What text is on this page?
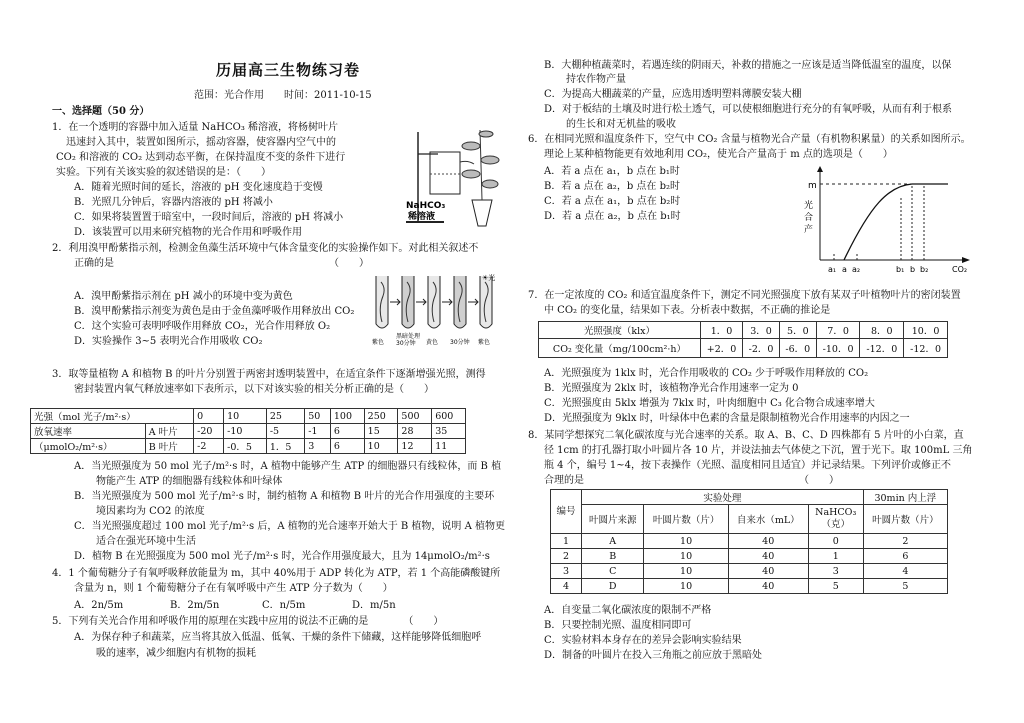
历届高三生物练习卷
范围：光合作用　　时间：2011-10-15
一、选择题（50 分）
1．在一个透明的容器中加入适量 NaHCO₃ 稀溶液，将杨树叶片
迅速封入其中，装置如图所示，摇动容器，使容器内空气中的
CO₂ 和溶液的 CO₂ 达到动态平衡，在保持温度不变的条件下进行
实验。下列有关该实验的叙述错误的是：（　　）
A．随着光照时间的延长，溶液的 pH 变化速度趋于变慢
B．光照几分钟后，容器内溶液的 pH 将减小
C．如果将装置置于暗室中，一段时间后，溶液的 pH 将减小
D．该装置可以用来研究植物的光合作用和呼吸作用
NaHCO₃ 稀溶液
2．利用溴甲酚紫指示剂，检测金鱼藻生活环境中气体含量变化的实验操作如下。对此相关叙述不
正确的是　　　　　　　　　　　　　　　　　　　　　　（　　）
A．溴甲酚紫指示剂在 pH 减小的环境中变为黄色
B．溴甲酚紫指示剂变为黄色是由于金鱼藻呼吸作用释放出 CO₂
C．这个实验可表明呼吸作用释放 CO₂，光合作用释放 O₂
D．实验操作 3~5 表明光合作用吸收 CO₂	紫色
黑暗处理 30分钟	黄色 30分钟 紫色
☀光
3．取等量植物 A 和植物 B 的叶片分别置于两密封透明装置中，在适宜条件下逐渐增强光照，测得
密封装置内氧气释放速率如下表所示，以下对该实验的相关分析正确的是（　　）
光强（mol 光子/m²·s）		0	10	25	50	100	250	500	600
放氧速率	A 叶片	-20	-10	-5	-1	6	15	28	35
（μmolO₂/m²·s）	B 叶片	-2	-0．5	1．5	3	6	10	12	11
A．当光照强度为 50 mol 光子/m²·s 时，A 植物中能够产生 ATP 的细胞器只有线粒体，而 B 植
物能产生 ATP 的细胞器有线粒体和叶绿体
B．当光照强度为 500 mol 光子/m²·s 时，制约植物 A 和植物 B 叶片的光合作用强度的主要环
境因素均为 CO2 的浓度
C．当光照强度超过 100 mol 光子/m²·s 后，A 植物的光合速率开始大于 B 植物，说明 A 植物更
适合在强光环境中生活
D．植物 B 在光照强度为 500 mol 光子/m²·s 时，光合作用强度最大，且为 14μmolO₂/m²·s
4．1 个葡萄糖分子有氧呼吸释放能量为 m，其中 40%用于 ADP 转化为 ATP，若 1 个高能磷酸键所
含量为 n，则 1 个葡萄糖分子在有氧呼吸中产生 ATP 分子数为（　　）
A．2n/5m	B．2m/5n	C．n/5m	D．m/5n
5．下列有关光合作用和呼吸作用的原理在实践中应用的说法不正确的是　　　　（　　）
A．为保存种子和蔬菜，应当将其放入低温、低氧、干燥的条件下储藏，这样能够降低细胞呼
吸的速率，减少细胞内有机物的损耗
B．大棚种植蔬菜时，若遇连续的阴雨天，补救的措施之一应该是适当降低温室的温度，以保
持农作物产量
C．为提高大棚蔬菜的产量，应选用透明塑料薄膜安装大棚
D．对于板结的土壤及时进行松土透气，可以使根细胞进行充分的有氧呼吸，从而有利于根系
的生长和对无机盐的吸收
6．在相同光照和温度条件下，空气中 CO₂ 含量与植物光合产量（有机物积累量）的关系如图所示。
理论上某种植物能更有效地利用 CO₂，使光合产量高于 m 点的选项是（　　）
A．若 a 点在 a₁，b 点在 b₁时
B．若 a 点在 a₂，b 点在 b₂时
C．若 a 点在 a₁，b 点在 b₂时
D．若 a 点在 a₂，b 点在 b₁时
m
光
合
产
a₁ a a₂	b₁ b b₂	CO₂
7．在一定浓度的 CO₂ 和适宜温度条件下，测定不同光照强度下放有某双子叶植物叶片的密闭装置
中 CO₂ 的变化量，结果如下表。分析表中数据，不正确的推论是
光照强度（klx）	1．0	3．0	5．0	7．0	8．0	10．0
CO₂ 变化量（mg/100cm²·h）	+2．0	-2．0	-6．0	-10．0	-12．0	-12．0
A．光照强度为 1klx 时，光合作用吸收的 CO₂ 少于呼吸作用释放的 CO₂
B．光照强度为 2klx 时，该植物净光合作用速率一定为 0
C．光照强度由 5klx 增强为 7klx 时，叶肉细胞中 C₃ 化合物合成速率增大
D．光照强度为 9klx 时，叶绿体中色素的含量是限制植物光合作用速率的内因之一
8．某同学想探究二氧化碳浓度与光合速率的关系。取 A、B、C、D 四株都有 5 片叶的小白菜，直
径 1cm 的打孔器打取小叶圆片各 10 片，并设法抽去气体使之下沉，置于光下。取 100mL 三角
瓶 4 个，编号 1~4，按下表操作（光照、温度相同且适宜）并记录结果。下列评价或修正不
合理的是　　　　　　　　　　　　　　　　　　　　　　（　　）
编号	实验处理				30min 内上浮
	叶圆片来源	叶圆片数（片）	自来水（mL）	NaHCO₃（克）	叶圆片数（片）
1	A	10	40	0	2
2	B	10	40	1	6
3	C	10	40	3	4
4	D	10	40	5	5
A．自变量二氧化碳浓度的限制不严格
B．只要控制光照、温度相同即可
C．实验材料本身存在的差异会影响实验结果
D．制备的叶圆片在投入三角瓶之前应放于黑暗处
